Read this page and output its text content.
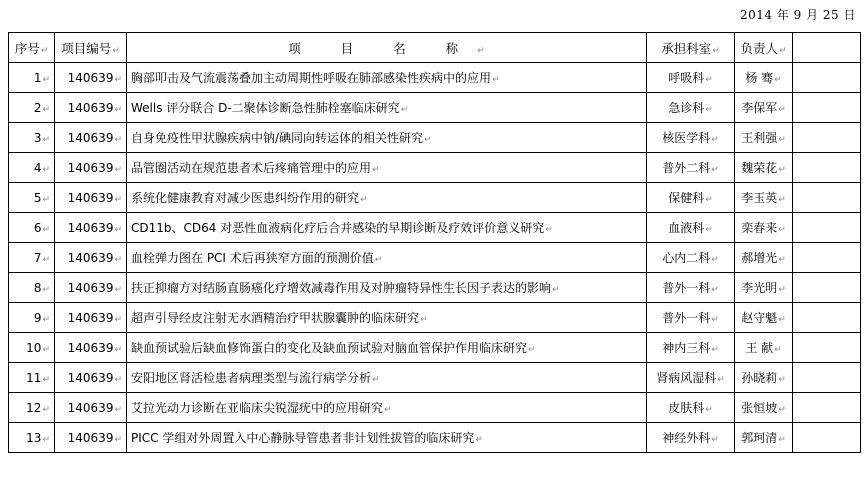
2014 年 9 月 25 日
序号↵	项目编号↵	项 目 名 称↵	承担科室↵	负责人↵	
1↵	140639↵	胸部叩击及气流震荡叠加主动周期性呼吸在肺部感染性疾病中的应用↵	呼吸科↵	杨 骞↵	
2↵	140639↵	Wells 评分联合 D-二聚体诊断急性肺栓塞临床研究↵	急诊科↵	李保军↵	
3↵	140639↵	自身免疫性甲状腺疾病中钠/碘同向转运体的相关性研究↵	核医学科↵	王利强↵	
4↵	140639↵	品管圈活动在规范患者术后疼痛管理中的应用↵	普外二科↵	魏荣花↵	
5↵	140639↵	系统化健康教育对减少医患纠纷作用的研究↵	保健科↵	李玉英↵	
6↵	140639↵	CD11b、CD64 对恶性血液病化疗后合并感染的早期诊断及疗效评价意义研究↵	血液科↵	栾春来↵	
7↵	140639↵	血栓弹力图在 PCI 术后再狭窄方面的预测价值↵	心内二科↵	郝增光↵	
8↵	140639↵	扶正抑瘤方对结肠直肠癌化疗增效减毒作用及对肿瘤特异性生长因子表达的影响↵	普外一科↵	李光明↵	
9↵	140639↵	超声引导经皮注射无水酒精治疗甲状腺囊肿的临床研究↵	普外一科↵	赵守魁↵	
10↵	140639↵	缺血预试验后缺血修饰蛋白的变化及缺血预试验对脑血管保护作用临床研究↵	神内三科↵	王 献↵	
11↵	140639↵	安阳地区肾活检患者病理类型与流行病学分析↵	肾病风湿科↵	孙晓莉↵	
12↵	140639↵	艾拉光动力诊断在亚临床尖锐湿疣中的应用研究↵	皮肤科↵	张恒坡↵	
13↵	140639↵	PICC 学组对外周置入中心静脉导管患者非计划性拔管的临床研究↵	神经外科↵	郭珂清↵	
